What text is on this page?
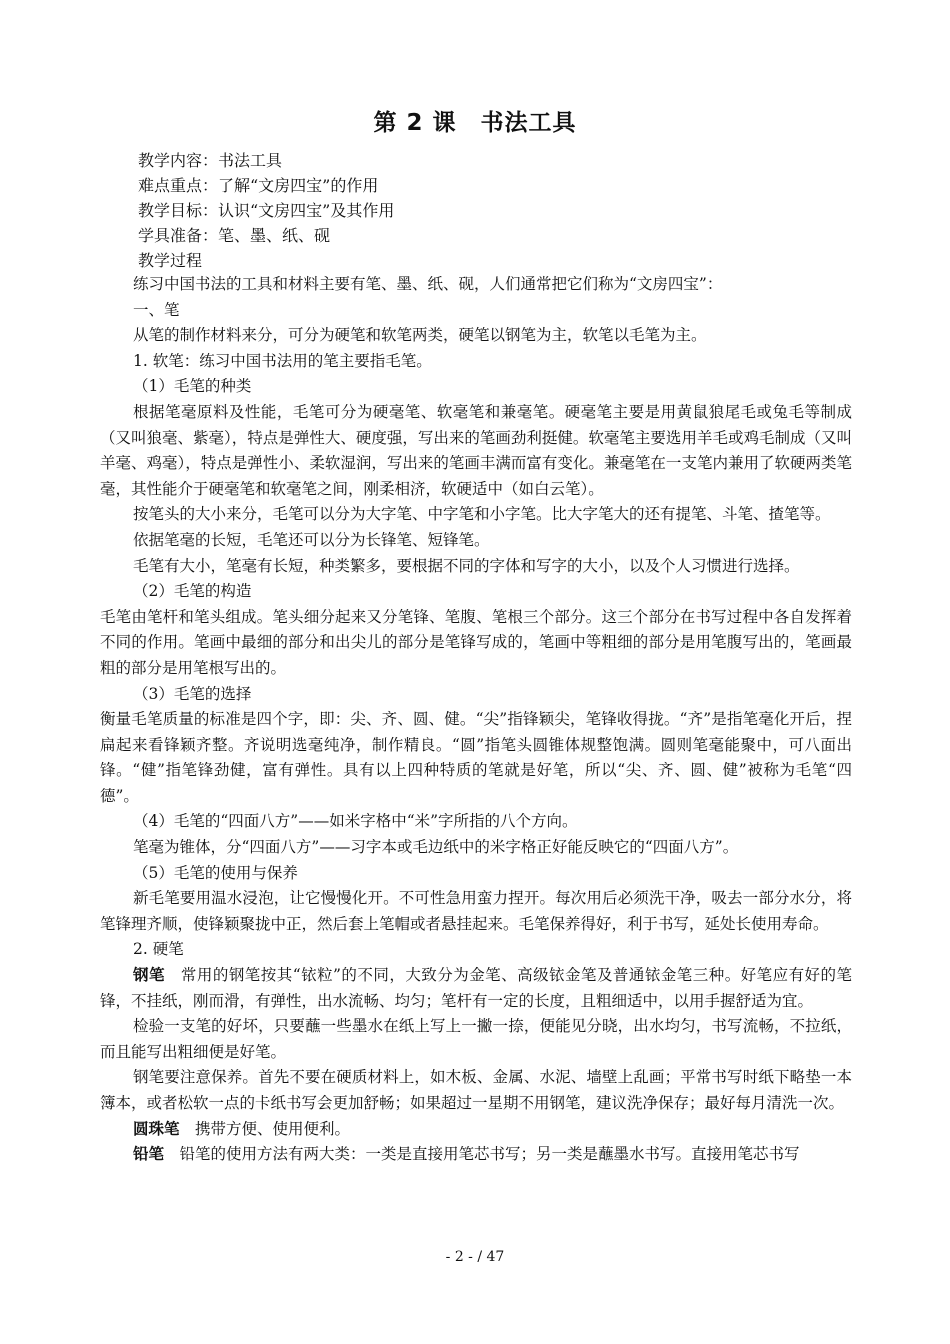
第 2 课　书法工具
教学内容：书法工具
难点重点：了解“文房四宝”的作用
教学目标：认识“文房四宝”及其作用
学具准备：笔、墨、纸、砚
教学过程

练习中国书法的工具和材料主要有笔、墨、纸、砚，人们通常把它们称为“文房四宝”：

一、笔

从笔的制作材料来分，可分为硬笔和软笔两类，硬笔以钢笔为主，软笔以毛笔为主。

1. 软笔：练习中国书法用的笔主要指毛笔。

（1）毛笔的种类

根据笔毫原料及性能，毛笔可分为硬毫笔、软毫笔和兼毫笔。硬毫笔主要是用黄鼠狼尾毛或兔毛等制成（又叫狼毫、紫毫），特点是弹性大、硬度强，写出来的笔画劲利挺健。软毫笔主要选用羊毛或鸡毛制成（又叫羊毫、鸡毫），特点是弹性小、柔软湿润，写出来的笔画丰满而富有变化。兼毫笔在一支笔内兼用了软硬两类笔毫，其性能介于硬毫笔和软毫笔之间，刚柔相济，软硬适中（如白云笔）。

按笔头的大小来分，毛笔可以分为大字笔、中字笔和小字笔。比大字笔大的还有提笔、斗笔、揸笔等。

依据笔毫的长短，毛笔还可以分为长锋笔、短锋笔。

毛笔有大小，笔毫有长短，种类繁多，要根据不同的字体和写字的大小，以及个人习惯进行选择。

（2）毛笔的构造

毛笔由笔杆和笔头组成。笔头细分起来又分笔锋、笔腹、笔根三个部分。这三个部分在书写过程中各自发挥着不同的作用。笔画中最细的部分和出尖儿的部分是笔锋写成的，笔画中等粗细的部分是用笔腹写出的，笔画最粗的部分是用笔根写出的。

（3）毛笔的选择

衡量毛笔质量的标准是四个字，即：尖、齐、圆、健。“尖”指锋颖尖，笔锋收得拢。“齐”是指笔毫化开后，捏扁起来看锋颖齐整。齐说明选毫纯净，制作精良。“圆”指笔头圆锥体规整饱满。圆则笔毫能聚中，可八面出锋。“健”指笔锋劲健，富有弹性。具有以上四种特质的笔就是好笔，所以“尖、齐、圆、健”被称为毛笔“四德”。

（4）毛笔的“四面八方”——如米字格中“米”字所指的八个方向。

笔毫为锥体，分“四面八方”——习字本或毛边纸中的米字格正好能反映它的“四面八方”。

（5）毛笔的使用与保养

新毛笔要用温水浸泡，让它慢慢化开。不可性急用蛮力捏开。每次用后必须洗干净，吸去一部分水分，将笔锋理齐顺，使锋颖聚拢中正，然后套上笔帽或者悬挂起来。毛笔保养得好，利于书写，延处长使用寿命。

2. 硬笔

钢笔　常用的钢笔按其“铱粒”的不同，大致分为金笔、高级铱金笔及普通铱金笔三种。好笔应有好的笔锋，不挂纸，刚而滑，有弹性，出水流畅、均匀；笔杆有一定的长度，且粗细适中，以用手握舒适为宜。

检验一支笔的好坏，只要蘸一些墨水在纸上写上一撇一捺，便能见分晓，出水均匀，书写流畅，不拉纸，而且能写出粗细便是好笔。

钢笔要注意保养。首先不要在硬质材料上，如木板、金属、水泥、墙壁上乱画；平常书写时纸下略垫一本簿本，或者松软一点的卡纸书写会更加舒畅；如果超过一星期不用钢笔，建议洗净保存；最好每月清洗一次。

圆珠笔　携带方便、使用便利。

铅笔　铅笔的使用方法有两大类：一类是直接用笔芯书写；另一类是蘸墨水书写。直接用笔芯书写

- 2 - / 47
